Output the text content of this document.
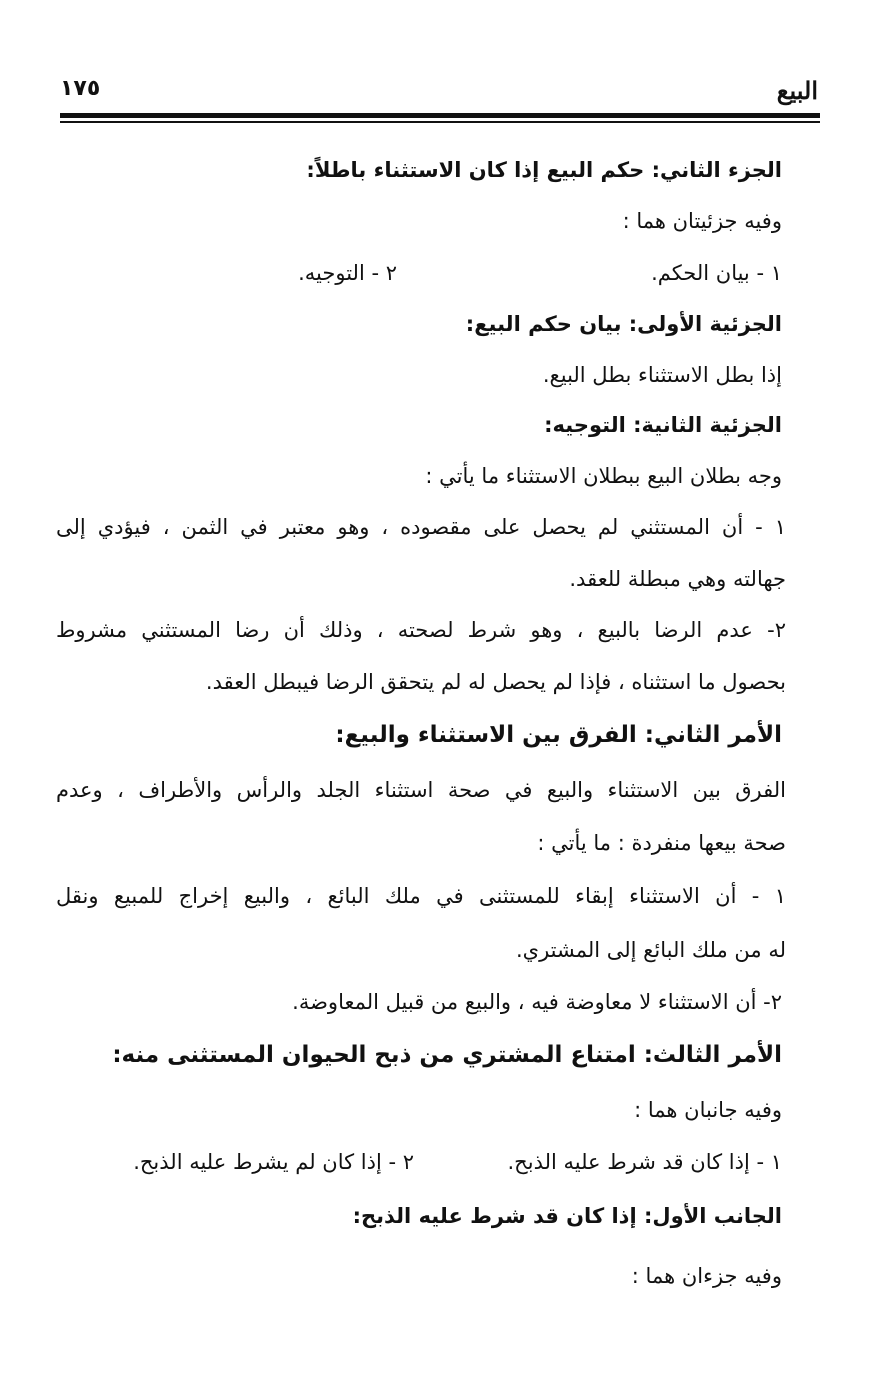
البيع
١٧٥
الجزء الثاني: حكم البيع إذا كان الاستثناء باطلاً:
وفيه جزئيتان هما :
١ - بيان الحكم.
٢ - التوجيه.
الجزئية الأولى: بيان حكم البيع:
إذا بطل الاستثناء بطل البيع.
الجزئية الثانية: التوجيه:
وجه بطلان البيع ببطلان الاستثناء ما يأتي :
١ - أن المستثني لم يحصل على مقصوده ، وهو معتبر في الثمن ، فيؤدي إلى
جهالته وهي مبطلة للعقد.
٢- عدم الرضا بالبيع ، وهو شرط لصحته ، وذلك أن رضا المستثني مشروط
بحصول ما استثناه ، فإذا لم يحصل له لم يتحقق الرضا فيبطل العقد.
الأمر الثاني: الفرق بين الاستثناء والبيع:
الفرق بين الاستثناء والبيع في صحة استثناء الجلد والرأس والأطراف ، وعدم
صحة بيعها منفردة : ما يأتي :
١ - أن الاستثناء إبقاء للمستثنى في ملك البائع ، والبيع إخراج للمبيع ونقل
له من ملك البائع إلى المشتري.
٢- أن الاستثناء لا معاوضة فيه ، والبيع من قبيل المعاوضة.
الأمر الثالث: امتناع المشتري من ذبح الحيوان المستثنى منه:
وفيه جانبان هما :
١ - إذا كان قد شرط عليه الذبح.
٢ - إذا كان لم يشرط عليه الذبح.
الجانب الأول: إذا كان قد شرط عليه الذبح:
وفيه جزءان هما :
